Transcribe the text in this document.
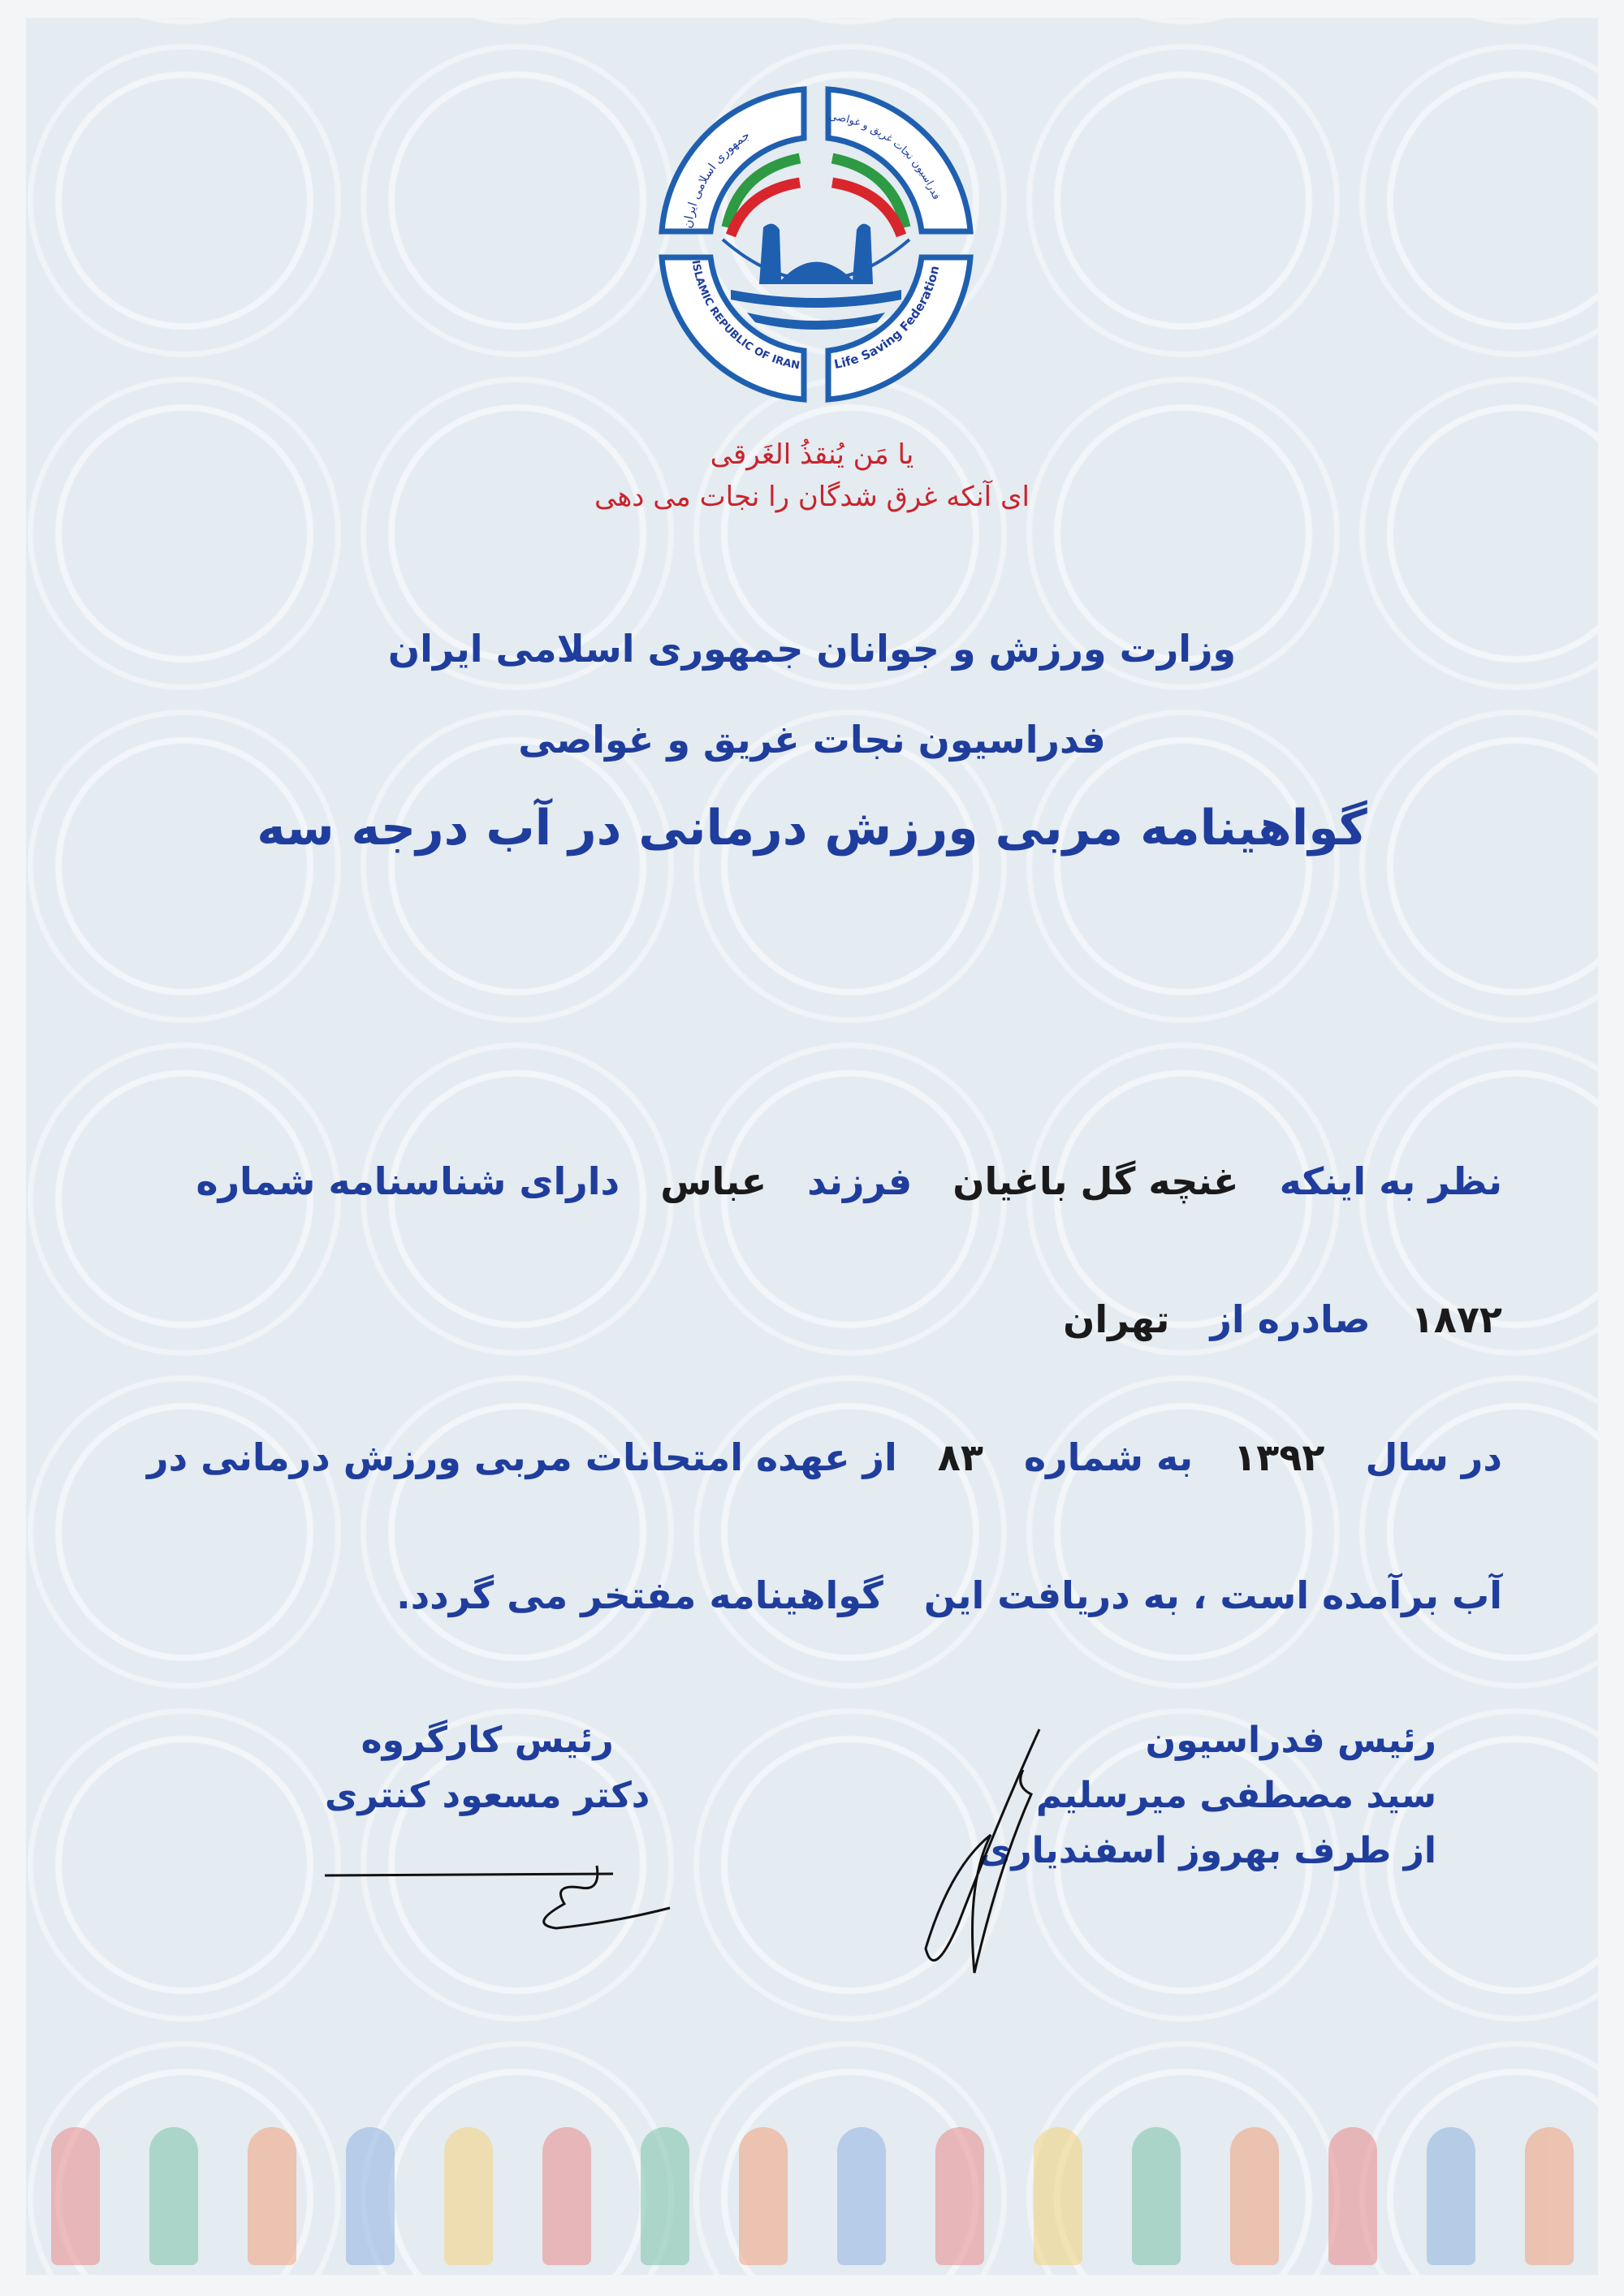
جمهوری اسلامی ایران
فدراسیون نجات غریق و غواصی
ISLAMIC REPUBLIC OF IRAN	Life Saving Federation
یا مَن یُنقذُ الغَرقی
ای آنکه غرق شدگان را نجات می دهی
وزارت ورزش و جوانان جمهوری اسلامی ایران
فدراسیون نجات غریق و غواصی
گواهینامه مربی ورزش درمانی در آب درجه سه
نظر به اینکه غنچه گل باغیان فرزند عباس دارای شناسنامه شماره ۱۸۷۲ صادره از تهران
در سال ۱۳۹۲ به شماره ۸۳ از عهده امتحانات مربی ورزش درمانی در آب برآمده است ، به دریافت این گواهینامه مفتخر می گردد.
رئیس کارگروه
دکتر مسعود کنتری
رئیس فدراسیون
سید مصطفی میرسلیم
از طرف بهروز اسفندیاری
